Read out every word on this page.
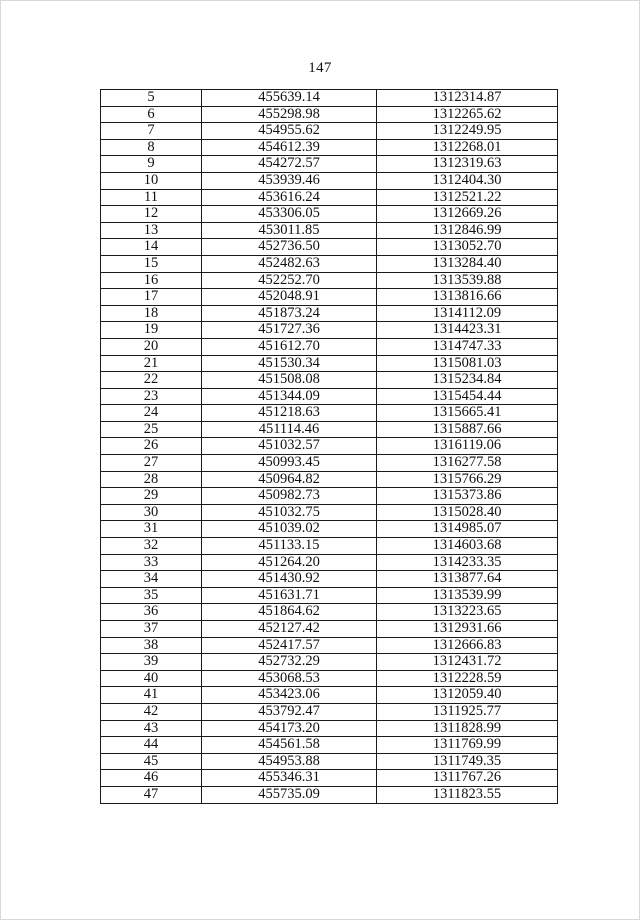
147
5	455639.14	1312314.87
6	455298.98	1312265.62
7	454955.62	1312249.95
8	454612.39	1312268.01
9	454272.57	1312319.63
10	453939.46	1312404.30
11	453616.24	1312521.22
12	453306.05	1312669.26
13	453011.85	1312846.99
14	452736.50	1313052.70
15	452482.63	1313284.40
16	452252.70	1313539.88
17	452048.91	1313816.66
18	451873.24	1314112.09
19	451727.36	1314423.31
20	451612.70	1314747.33
21	451530.34	1315081.03
22	451508.08	1315234.84
23	451344.09	1315454.44
24	451218.63	1315665.41
25	451114.46	1315887.66
26	451032.57	1316119.06
27	450993.45	1316277.58
28	450964.82	1315766.29
29	450982.73	1315373.86
30	451032.75	1315028.40
31	451039.02	1314985.07
32	451133.15	1314603.68
33	451264.20	1314233.35
34	451430.92	1313877.64
35	451631.71	1313539.99
36	451864.62	1313223.65
37	452127.42	1312931.66
38	452417.57	1312666.83
39	452732.29	1312431.72
40	453068.53	1312228.59
41	453423.06	1312059.40
42	453792.47	1311925.77
43	454173.20	1311828.99
44	454561.58	1311769.99
45	454953.88	1311749.35
46	455346.31	1311767.26
47	455735.09	1311823.55
